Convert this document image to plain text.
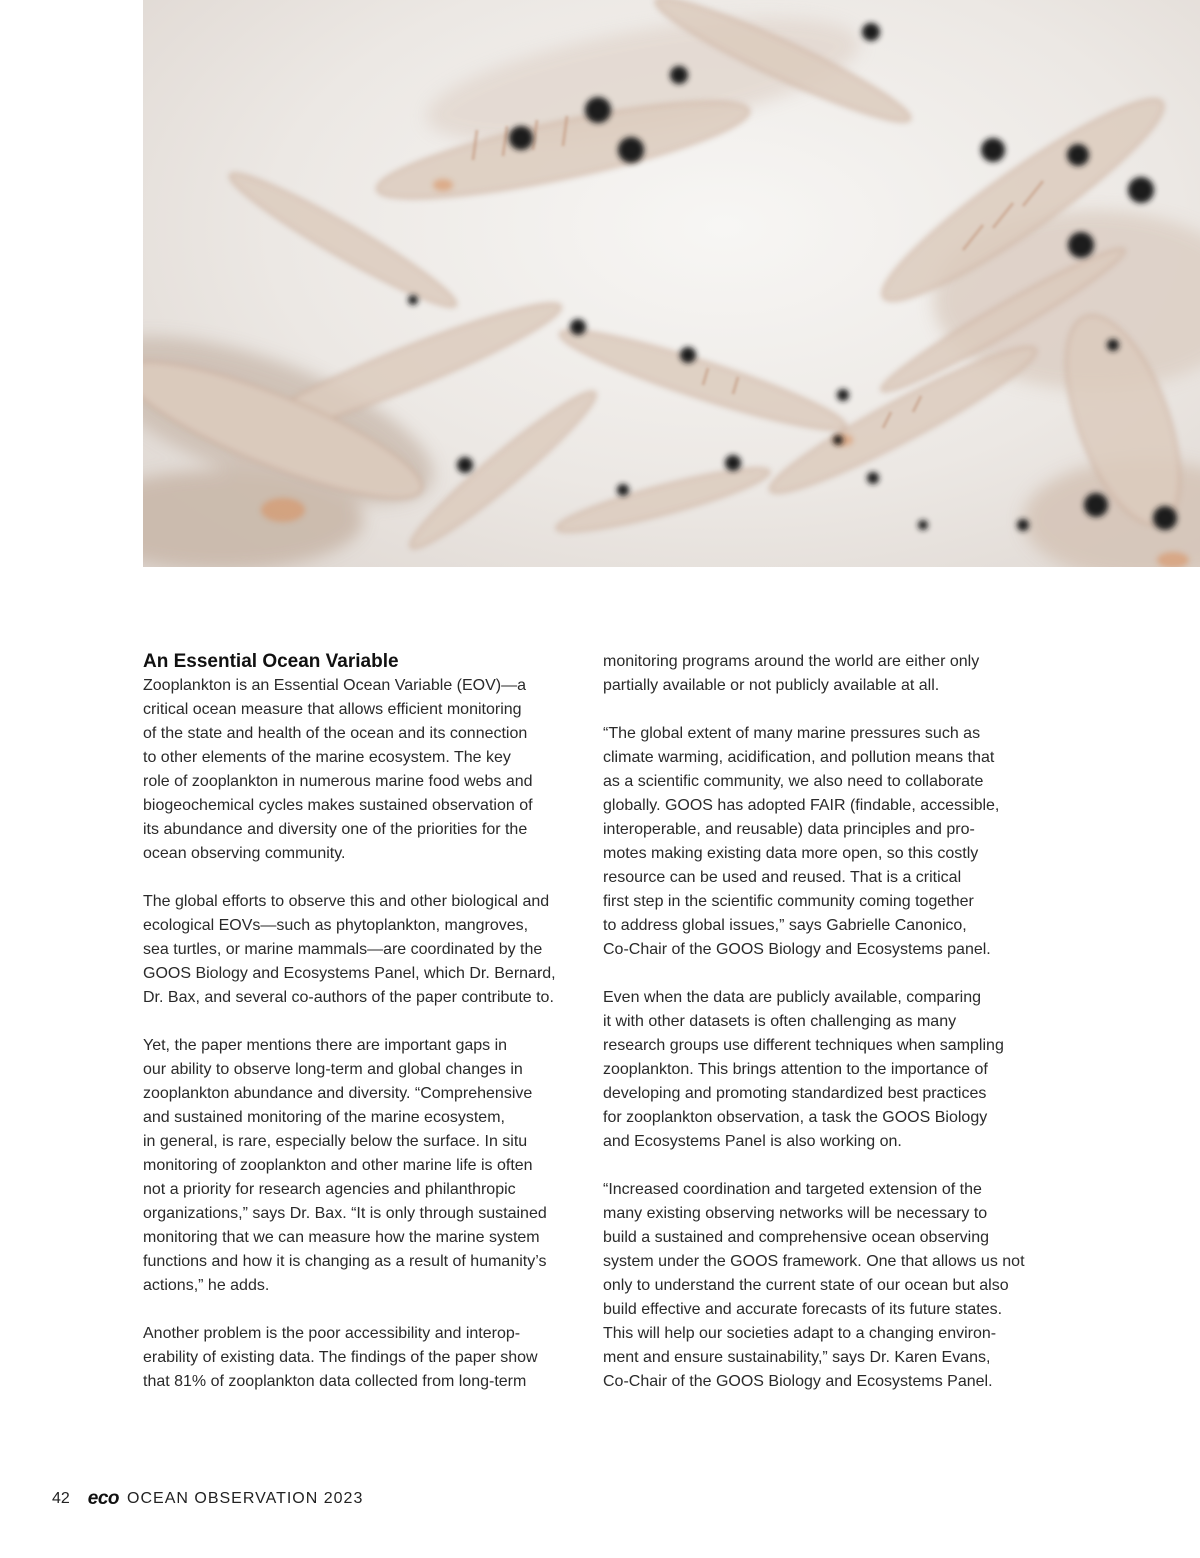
An Essential Ocean Variable

Zooplankton is an Essential Ocean Variable (EOV)—a
critical ocean measure that allows efficient monitoring
of the state and health of the ocean and its connection
to other elements of the marine ecosystem. The key
role of zooplankton in numerous marine food webs and
biogeochemical cycles makes sustained observation of
its abundance and diversity one of the priorities for the
ocean observing community.

The global efforts to observe this and other biological and
ecological EOVs—such as phytoplankton, mangroves,
sea turtles, or marine mammals—are coordinated by the
GOOS Biology and Ecosystems Panel, which Dr. Bernard,
Dr. Bax, and several co-authors of the paper contribute to.

Yet, the paper mentions there are important gaps in
our ability to observe long-term and global changes in
zooplankton abundance and diversity. “Comprehensive
and sustained monitoring of the marine ecosystem,
in general, is rare, especially below the surface. In situ
monitoring of zooplankton and other marine life is often
not a priority for research agencies and philanthropic
organizations,” says Dr. Bax. “It is only through sustained
monitoring that we can measure how the marine system
functions and how it is changing as a result of humanity’s
actions,” he adds.

Another problem is the poor accessibility and interop-
erability of existing data. The findings of the paper show
that 81% of zooplankton data collected from long-term

monitoring programs around the world are either only
partially available or not publicly available at all.

“The global extent of many marine pressures such as
climate warming, acidification, and pollution means that
as a scientific community, we also need to collaborate
globally. GOOS has adopted FAIR (findable, accessible,
interoperable, and reusable) data principles and pro-
motes making existing data more open, so this costly
resource can be used and reused. That is a critical
first step in the scientific community coming together
to address global issues,” says Gabrielle Canonico,
Co-Chair of the GOOS Biology and Ecosystems panel.

Even when the data are publicly available, comparing
it with other datasets is often challenging as many
research groups use different techniques when sampling
zooplankton. This brings attention to the importance of
developing and promoting standardized best practices
for zooplankton observation, a task the GOOS Biology
and Ecosystems Panel is also working on.

“Increased coordination and targeted extension of the
many existing observing networks will be necessary to
build a sustained and comprehensive ocean observing
system under the GOOS framework. One that allows us not
only to understand the current state of our ocean but also
build effective and accurate forecasts of its future states.
This will help our societies adapt to a changing environ-
ment and ensure sustainability,” says Dr. Karen Evans,
Co-Chair of the GOOS Biology and Ecosystems Panel.

42 eco OCEAN OBSERVATION 2023
